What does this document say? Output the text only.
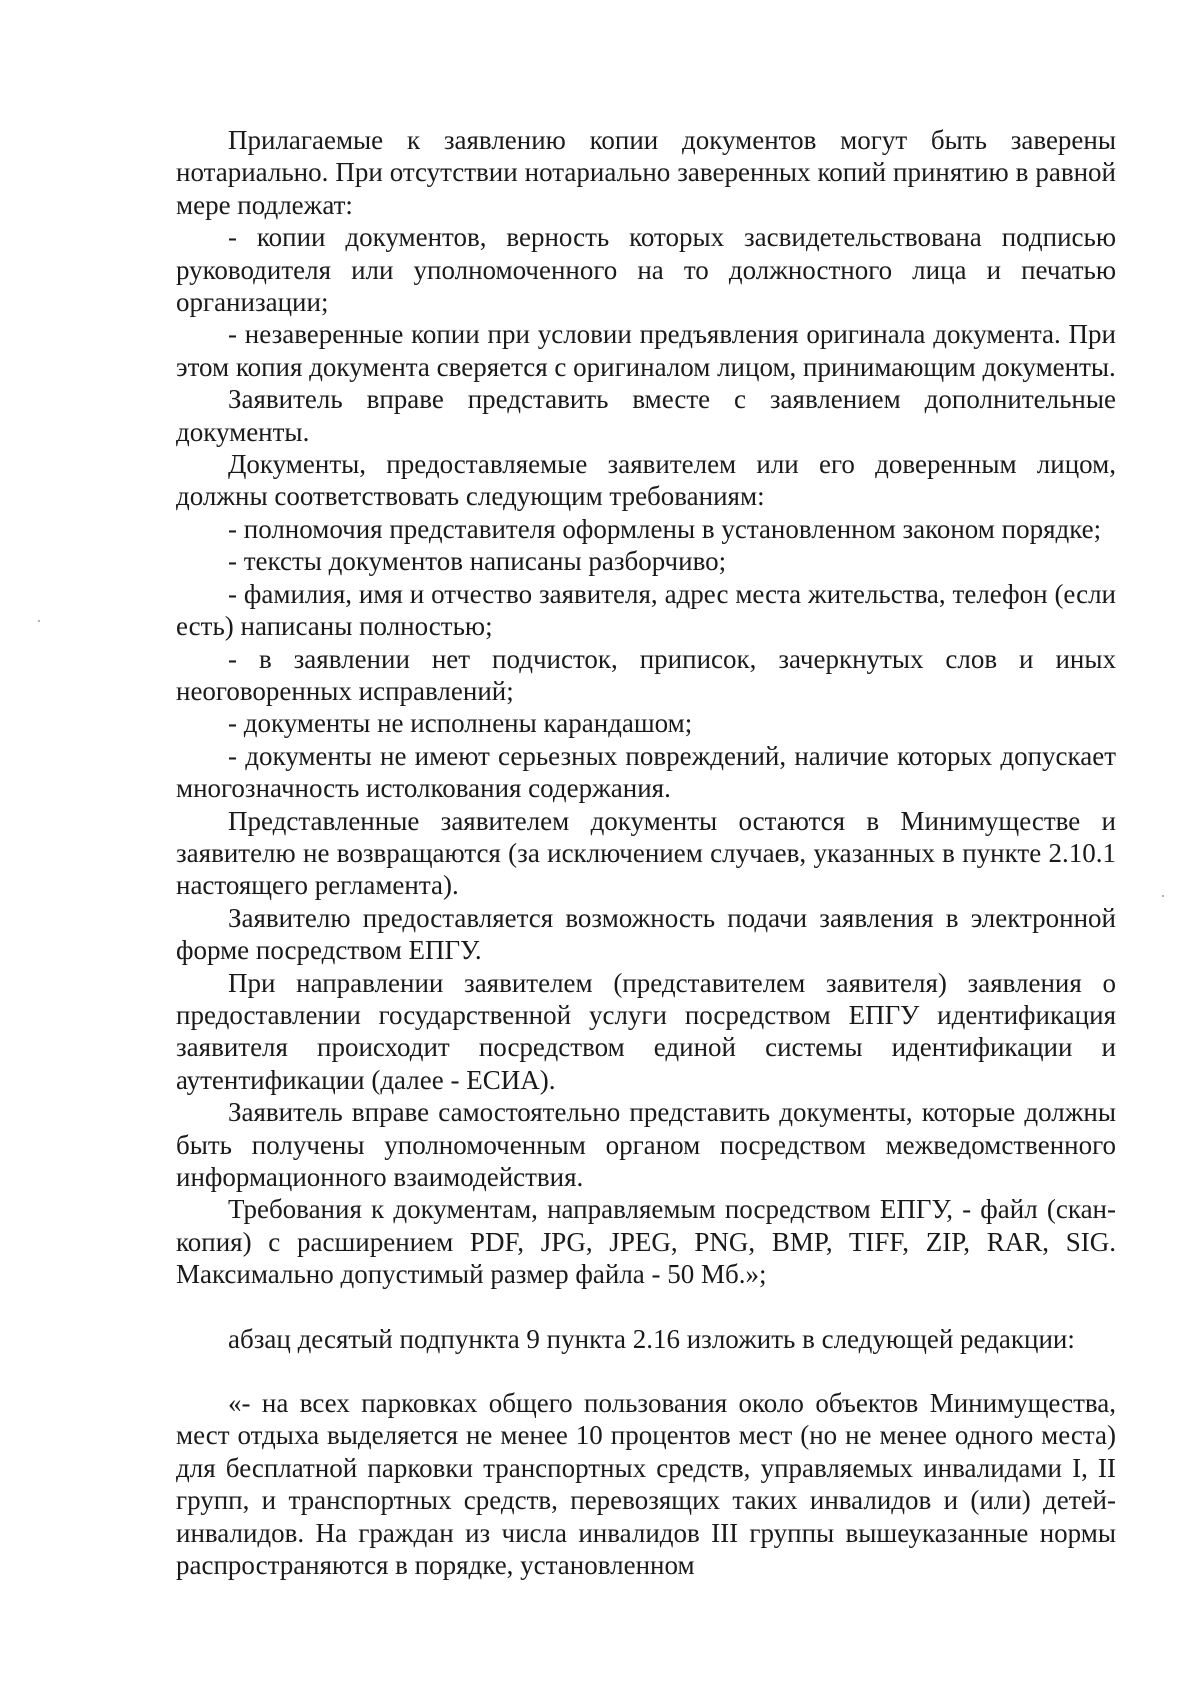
Прилагаемые к заявлению копии документов могут быть заверены нотариально. При отсутствии нотариально заверенных копий принятию в равной мере подлежат:

- копии документов, верность которых засвидетельствована подписью руководителя или уполномоченного на то должностного лица и печатью организации;

- незаверенные копии при условии предъявления оригинала документа. При этом копия документа сверяется с оригиналом лицом, принимающим документы.

Заявитель вправе представить вместе с заявлением дополнительные документы.

Документы, предоставляемые заявителем или его доверенным лицом, должны соответствовать следующим требованиям:

- полномочия представителя оформлены в установленном законом порядке;

- тексты документов написаны разборчиво;

- фамилия, имя и отчество заявителя, адрес места жительства, телефон (если есть) написаны полностью;

- в заявлении нет подчисток, приписок, зачеркнутых слов и иных неоговоренных исправлений;

- документы не исполнены карандашом;

- документы не имеют серьезных повреждений, наличие которых допускает многозначность истолкования содержания.

Представленные заявителем документы остаются в Минимуществе и заявителю не возвращаются (за исключением случаев, указанных в пункте 2.10.1 настоящего регламента).

Заявителю предоставляется возможность подачи заявления в электронной форме посредством ЕПГУ.

При направлении заявителем (представителем заявителя) заявления о предоставлении государственной услуги посредством ЕПГУ идентификация заявителя происходит посредством единой системы идентификации и аутентификации (далее - ЕСИА).

Заявитель вправе самостоятельно представить документы, которые должны быть получены уполномоченным органом посредством межведомственного информационного взаимодействия.

Требования к документам, направляемым посредством ЕПГУ, - файл (скан-копия) с расширением PDF, JPG, JPEG, PNG, BMP, TIFF, ZIP, RAR, SIG. Максимально допустимый размер файла - 50 Мб.»;

абзац десятый подпункта 9 пункта 2.16 изложить в следующей редакции:

«- на всех парковках общего пользования около объектов Минимущества, мест отдыха выделяется не менее 10 процентов мест (но не менее одного места) для бесплатной парковки транспортных средств, управляемых инвалидами I, II групп, и транспортных средств, перевозящих таких инвалидов и (или) детей-инвалидов. На граждан из числа инвалидов III группы вышеуказанные нормы распространяются в порядке, установленном
